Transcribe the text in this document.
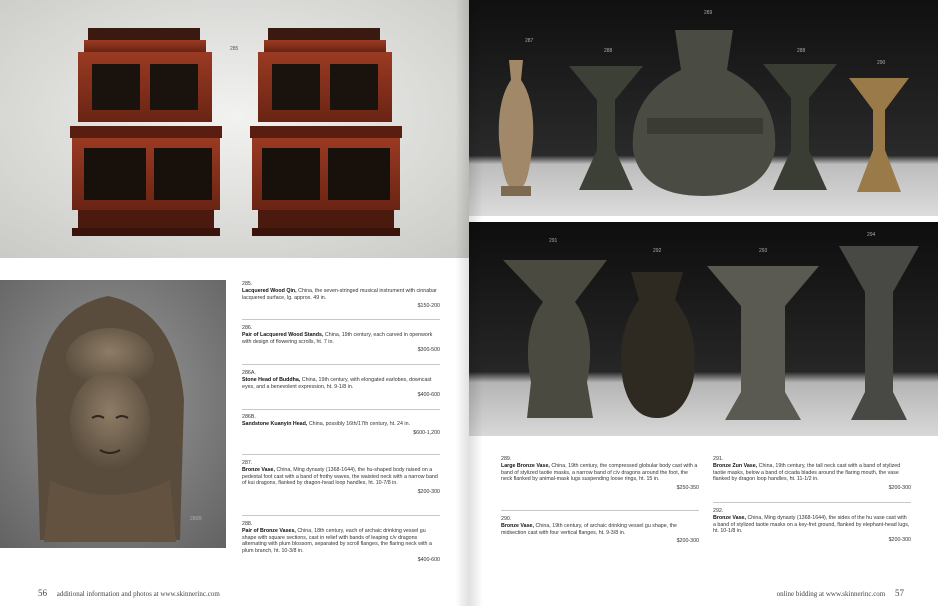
285
286B
285.
Lacquered Wood Qin, China, the seven-stringed musical instrument with cinnabar lacquered surface, lg. approx. 49 in.
$150-200
286.
Pair of Lacquered Wood Stands, China, 19th century, each carved in openwork with design of flowering scrolls, ht. 7 in.
$300-500
286A.
Stone Head of Buddha, China, 19th century, with elongated earlobes, downcast eyes, and a benevolent expression, ht. 9-1/8 in.
$400-600
286B.
Sandstone Kuanyin Head, China, possibly 16th/17th century, ht. 24 in.
$600-1,200
287.
Bronze Vase, China, Ming dynasty (1368-1644), the hu-shaped body raised on a pedestal foot cast with a band of frothy waves, the waisted neck with a narrow band of kui dragons, flanked by dragon-head loop handles, ht. 10-7/8 in.
$200-300
288.
Pair of Bronze Vases, China, 18th century, each of archaic drinking vessel gu shape with square sections, cast in relief with bands of leaping c/v dragons alternating with plum blossom, separated by scroll flanges, the flaring neck with a plum branch, ht. 10-3/8 in.
$400-600
56 additional information and photos at www.skinnerinc.com
287
288
289
288
290
291
292	293
294
289.
Large Bronze Vase, China, 19th century, the compressed globular body cast with a band of stylized taotie masks, a narrow band of c/v dragons around the foot, the neck flanked by animal-mask lugs suspending loose rings, ht. 15 in.
$250-350
290.
Bronze Vase, China, 19th century, of archaic drinking vessel gu shape, the midsection cast with four vertical flanges, ht. 9-3/8 in.
$200-300
291.
Bronze Zun Vase, China, 19th century, the tall neck cast with a band of stylized taotie masks, below a band of cicada blades around the flaring mouth, the vase flanked by dragon loop handles, ht. 11-1/2 in.
$200-300
292.
Bronze Vase, China, Ming dynasty (1368-1644), the sides of the hu vase cast with a band of stylized taotie masks on a key-fret ground, flanked by elephant-head lugs, ht. 10-1/8 in.
$200-300
online bidding at www.skinnerinc.com 57
